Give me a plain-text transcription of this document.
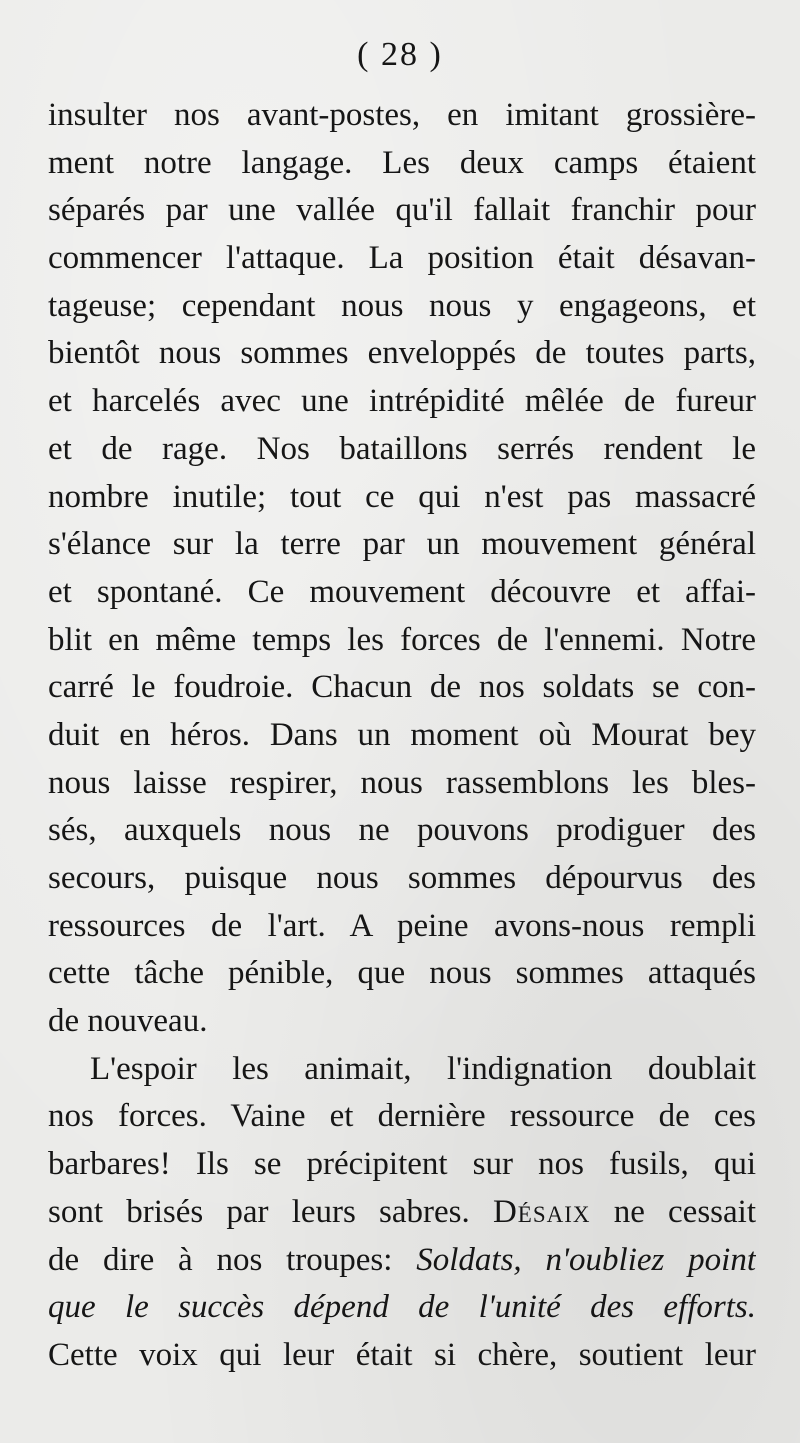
( 28 )
insulter nos avant-postes, en imitant grossière-
ment notre langage. Les deux camps étaient
séparés par une vallée qu'il fallait franchir pour
commencer l'attaque. La position était désavan-
tageuse; cependant nous nous y engageons, et
bientôt nous sommes enveloppés de toutes parts,
et harcelés avec une intrépidité mêlée de fureur
et de rage. Nos bataillons serrés rendent le
nombre inutile; tout ce qui n'est pas massacré
s'élance sur la terre par un mouvement général
et spontané. Ce mouvement découvre et affai-
blit en même temps les forces de l'ennemi. Notre
carré le foudroie. Chacun de nos soldats se con-
duit en héros. Dans un moment où Mourat bey
nous laisse respirer, nous rassemblons les bles-
sés, auxquels nous ne pouvons prodiguer des
secours, puisque nous sommes dépourvus des
ressources de l'art. A peine avons-nous rempli
cette tâche pénible, que nous sommes attaqués
de nouveau.
L'espoir les animait, l'indignation doublait
nos forces. Vaine et dernière ressource de ces
barbares! Ils se précipitent sur nos fusils, qui
sont brisés par leurs sabres. Désaix ne cessait
de dire à nos troupes: Soldats, n'oubliez point
que le succès dépend de l'unité des efforts.
Cette voix qui leur était si chère, soutient leur
